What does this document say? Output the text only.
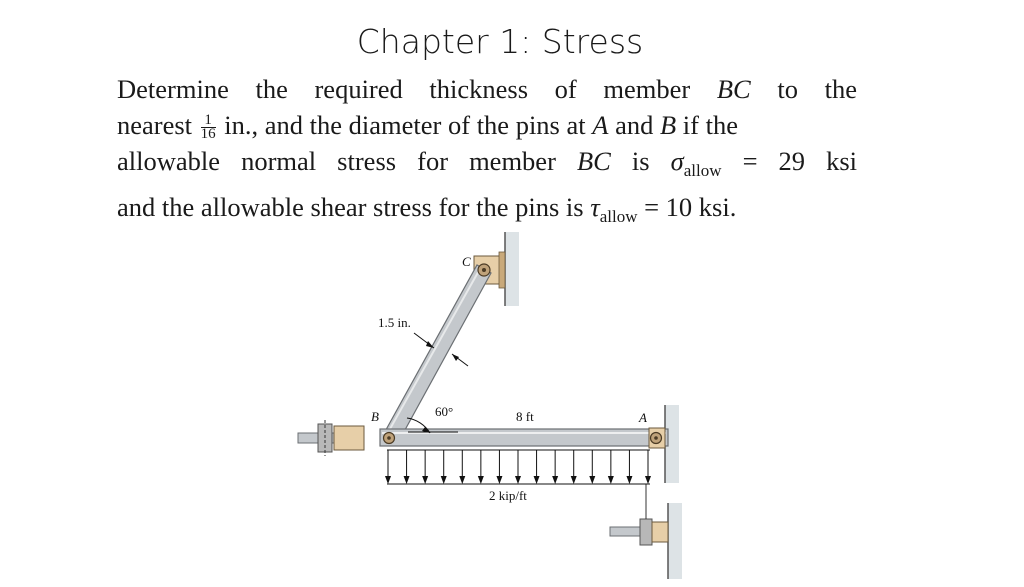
Chapter 1: Stress
Determine the required thickness of member BC to the
nearest $\frac{1}{16}$ in., and the diameter of the pins at A and B if the
allowable normal stress for member BC is $\sigma_{allow} = 29$ ksi
and the allowable shear stress for the pins is $\tau_{allow} = 10$ ksi.
C
B	A
1.5 in.
60°	8 ft
2 kip/ft
